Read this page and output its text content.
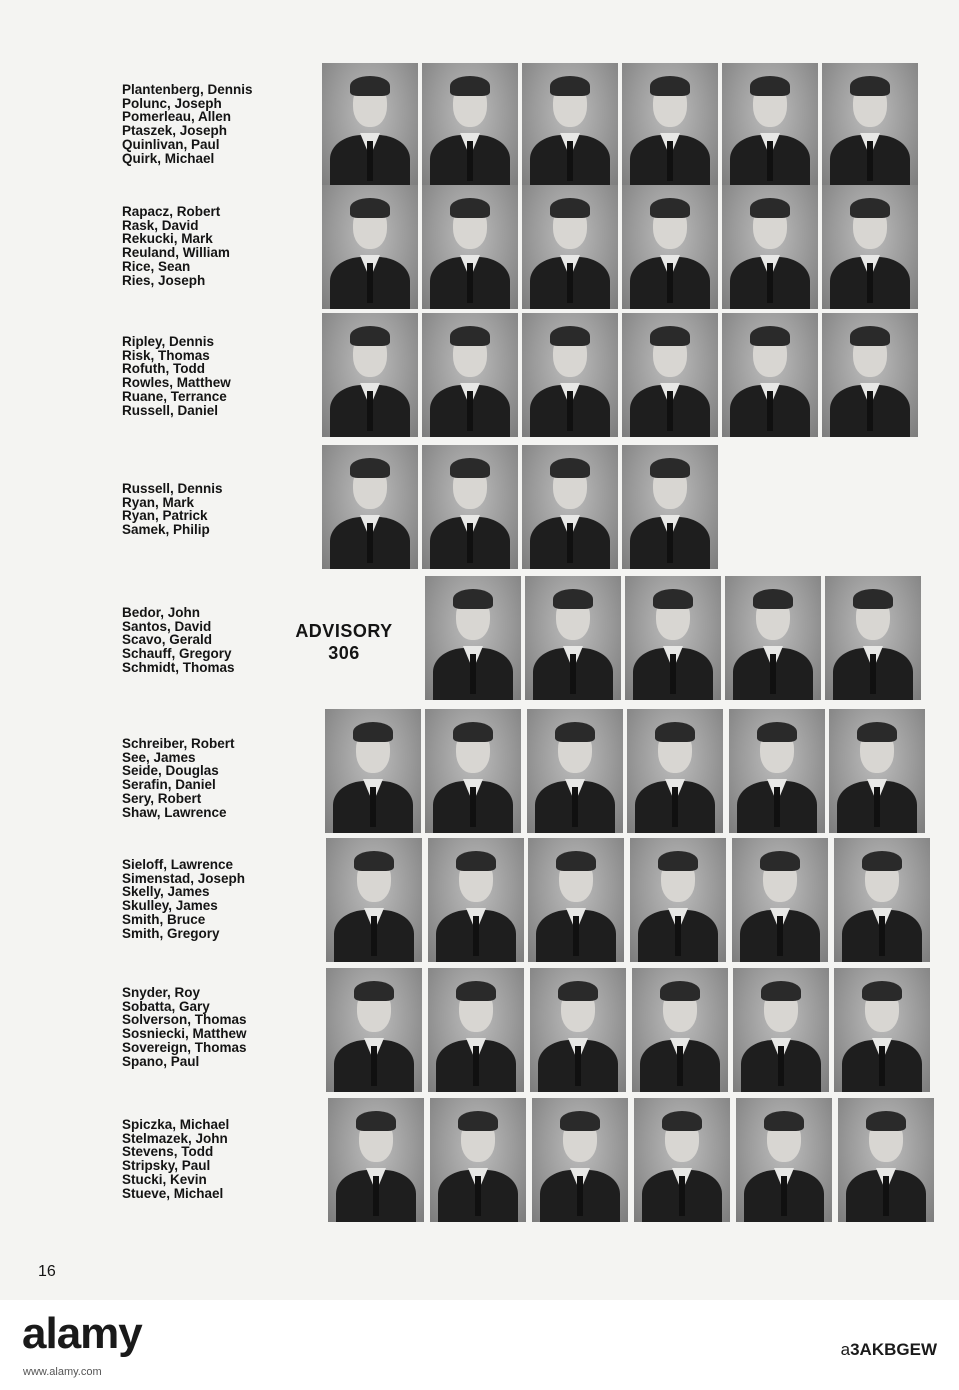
Plantenberg, Dennis
Polunc, Joseph
Pomerleau, Allen
Ptaszek, Joseph
Quinlivan, Paul
Quirk, Michael
Rapacz, Robert
Rask, David
Rekucki, Mark
Reuland, William
Rice, Sean
Ries, Joseph
Ripley, Dennis
Risk, Thomas
Rofuth, Todd
Rowles, Matthew
Ruane, Terrance
Russell, Daniel
Russell, Dennis
Ryan, Mark
Ryan, Patrick
Samek, Philip
Bedor, John
Santos, David
Scavo, Gerald
Schauff, Gregory
Schmidt, Thomas
ADVISORY
306
Schreiber, Robert
See, James
Seide, Douglas
Serafin, Daniel
Sery, Robert
Shaw, Lawrence
Sieloff, Lawrence
Simenstad, Joseph
Skelly, James
Skulley, James
Smith, Bruce
Smith, Gregory
Snyder, Roy
Sobatta, Gary
Solverson, Thomas
Sosniecki, Matthew
Sovereign, Thomas
Spano, Paul
Spiczka, Michael
Stelmazek, John
Stevens, Todd
Stripsky, Paul
Stucki, Kevin
Stueve, Michael
16
alamy	a3AKBGEW
www.alamy.com
